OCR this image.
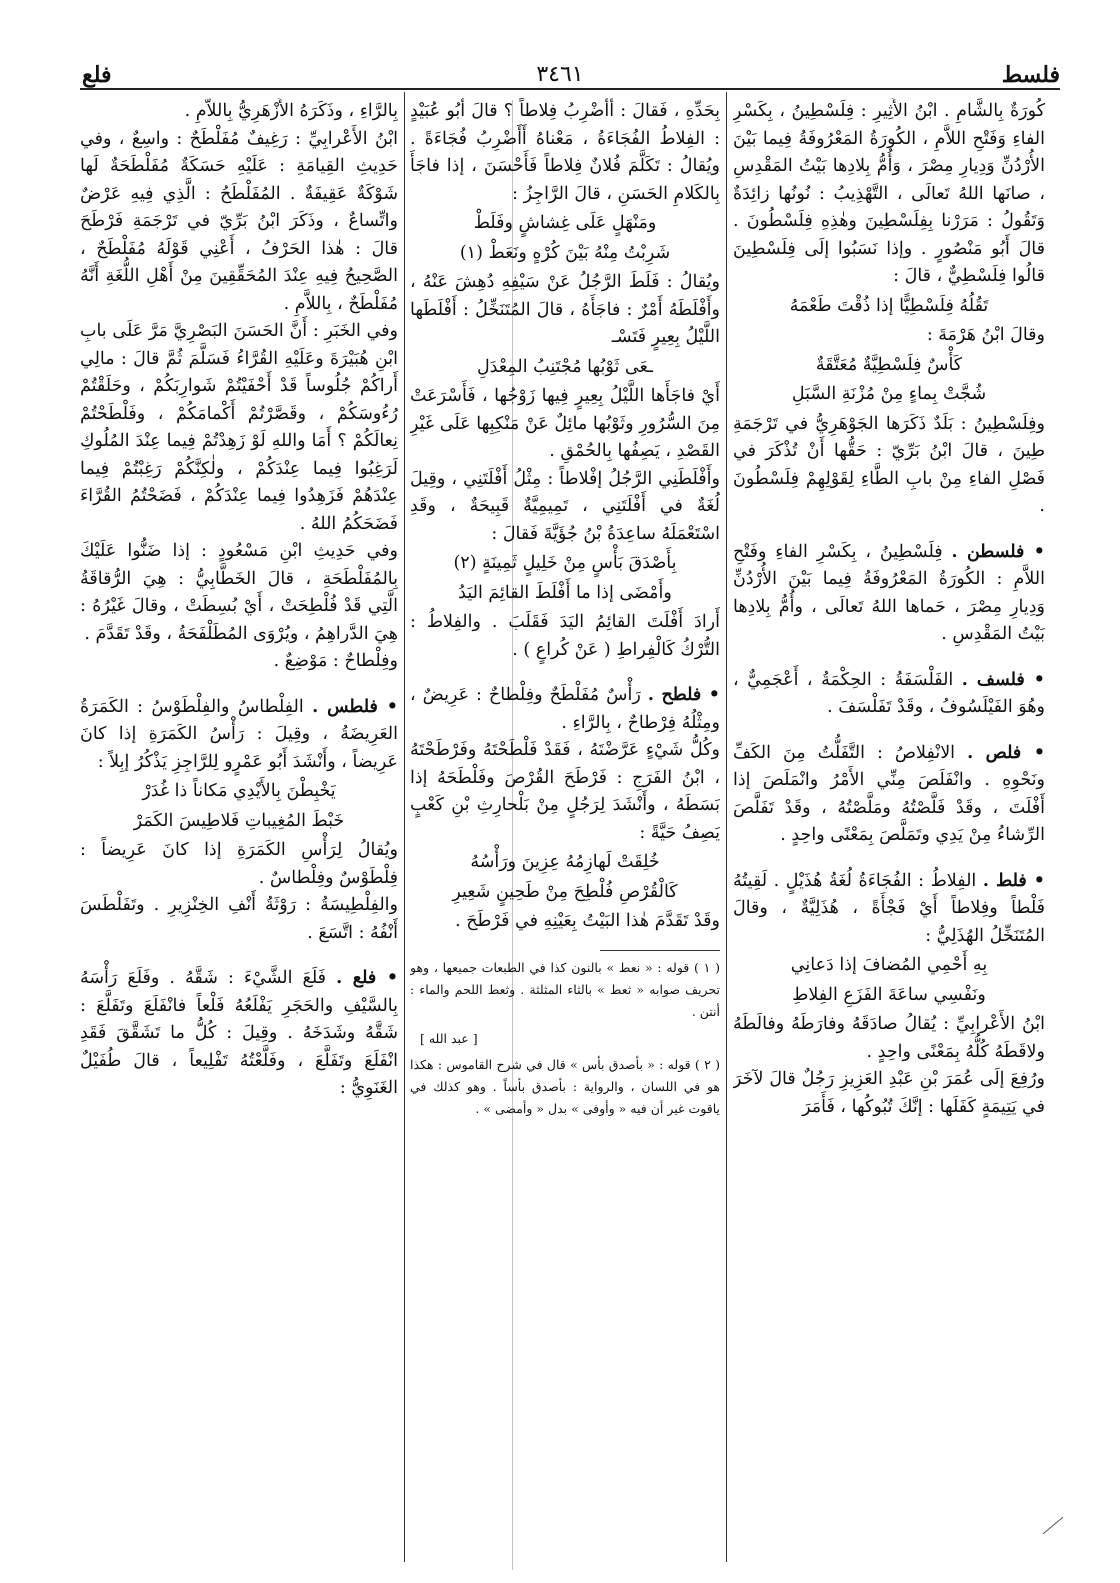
فلسط
٣٤٦١
فلع

كُورَةٌ بِالشَّامِ . ابْنُ الأَثِيرِ : فِلَسْطِينُ ، بِكَسْرِ الفاءِ وَفَتْحِ اللاَّمِ ، الكُورَةُ المَعْرُوفَةُ فِيما بَيْنَ الأُرْدُنِّ وَدِيارِ مِصْرَ ، وَأُمُّ بِلادِها بَيْتُ المَقْدِسِ ، صانَها اللهُ تَعالَى ، التَّهْذِيبُ : نُونُها زائِدَةٌ وَتَقُولُ : مَرَرْنا بِفِلَسْطِينَ وهٰذِهِ فِلَسْطُونَ . قالَ أَبُو مَنْصُورٍ . وإذا نَسَبُوا إلَى فِلَسْطِينَ قالُوا فِلَسْطِيٌّ ، قالَ :

تَقُلُهُ فِلَسْطِيًّا إذا ذُقْتَ طَعْمَهُ

وقالَ ابْنُ هَرْمَةَ :

كَأْسٌ فِلَسْطِيَّةٌ مُعَتَّقَةٌ

شُجَّتْ بِماءٍ مِنْ مُزْنَةِ السَّبَلِ

وفِلَسْطِينُ : بَلَدٌ ذَكَرَها الجَوْهَرِيُّ في تَرْجَمَةِ طِينَ ، قالَ ابْنُ بَرِّيّ : حَقُّها أَنْ تُذْكَرَ في فَصْلِ الفاءِ مِنْ بابِ الطَّاءِ لِقَوْلِهِمْ فِلَسْطُونَ .

• فلسطن . فِلَسْطِينُ ، بِكَسْرِ الفاءِ وفَتْحِ اللاَّمِ : الكُورَةُ المَعْرُوفَةُ فِيما بَيْنَ الأُرْدُنِّ وَدِيارِ مِصْرَ ، حَماها اللهُ تَعالَى ، وأُمُّ بِلادِها بَيْتُ المَقْدِسِ .

• فلسف . الفَلْسَفَةُ : الحِكْمَةُ ، أَعْجَمِيٌّ ، وهُوَ الفَيْلَسُوفُ ، وقَدْ تَفَلْسَفَ .

• فلص . الانْفِلاصُ : التَّفَلُّتُ مِنَ الكَفِّ ونَحْوِهِ . وانْفَلَصَ مِنِّي الأَمْرُ وانْمَلَصَ إذا أَفْلَتَ ، وقَدْ فَلَّصْتُهُ ومَلَّصْتُهُ ، وقَدْ تَفَلَّصَ الرِّشاءُ مِنْ يَدِي وتَمَلَّصَ بِمَعْنًى واحِدٍ .

• فلط . الفِلاطُ : الفُجَاءَةُ لُغَةُ هُذَيْلٍ . لَقِيتُهُ فَلْطاً وفِلاطاً أَيْ فَجْأَةً ، هُذَلِيَّةٌ ، وقالَ المُتَنَخِّلُ الهُذَلِيُّ :

بِهِ أَحْمِي المُضافَ إذا دَعانِي

ونَفْسِي ساعَةَ الفَزَعِ الفِلاطِ

ابْنُ الأَعْرابِيِّ : يُقالُ صادَقَهُ وفارَطَهُ وفالَطَهُ ولاقَطَهُ كُلُّهُ بِمَعْنًى واحِدٍ .

ورُفِعَ إلَى عُمَرَ بْنِ عَبْدِ العَزِيزِ رَجُلٌ قالَ لآخَرَ في يَتِيمَةٍ كَفَلَها : إنَّكَ تُبُوكُها ، فَأَمَرَ

بِحَدِّهِ ، فَقالَ : أَأَضْرِبُ فِلاطاً ؟ قالَ أَبُو عُبَيْدٍ : الفِلاطُ الفُجَاءَةُ ، مَعْناهُ أَأَضْرِبُ فُجَاءَةً . ويُقالُ : تَكَلَّمَ فُلانٌ فِلاطاً فَأَحْسَنَ ، إذا فاجَأَ بِالكَلامِ الحَسَنِ ، قالَ الرَّاجِزُ :

ومَنْهَلٍ عَلَى غِشاشٍ وفَلَطْ

شَرِبْتُ مِنْهُ بَيْنَ كُرْهٍ ونَعَطْ (١)

ويُقالُ : فَلَطَ الرَّجُلُ عَنْ سَيْفِهِ دُهِشَ عَنْهُ ، وأَفْلَطَهُ أَمْرٌ : فاجَأَهُ ، قالَ المُتَنَخِّلُ : أَفْلَطَها اللَّيْلُ بِعِيرٍ فَتَسْـ

ـعَى ثَوْبُها مُجْتَنِبُ المِعْدَلِ

أَيْ فاجَأَها اللَّيْلُ بِعِيرٍ فِيها زَوْجُها ، فَأَسْرَعَتْ مِنَ السُّرُورِ وثَوْبُها مائِلٌ عَنْ مَنْكِبِها عَلَى غَيْرِ القَصْدِ ، يَصِفُها بِالحُمْقِ .

وأَفْلَطَنِي الرَّجُلُ إفْلاطاً : مِثْلُ أَفْلَتَنِي ، وقِيلَ لُغَةٌ في أَفْلَتَنِي ، تَمِيمِيَّةٌ قَبِيحَةٌ ، وقَدِ اسْتَعْمَلَهُ ساعِدَةُ بْنُ جُؤَيَّةَ فَقالَ :

بِأَصْدَقَ بَأْسٍ مِنْ خَلِيلٍ ثَمِينَةٍ (٢)

وأَمْضَى إذا ما أَفْلَطَ القائِمَ اليَدُ

أَرادَ أَفْلَتَ القائِمُ اليَدَ فَقَلَبَ . والفِلاطُ : التُّرْكُ كَالْفِراطِ ( عَنْ كُراعٍ ) .

• فلطح . رَأْسٌ مُفَلْطَحٌ وفِلْطاحٌ : عَرِيضٌ ، ومِثْلُهُ فِرْطاحٌ ، بِالرَّاءِ .

وكُلُّ شَيْءٍ عَرَّضْتَهُ ، فَقَدْ فَلْطَحْتَهُ وفَرْطَحْتَهُ ، ابْنُ الفَرَجِ : فَرْطَحَ القُرْصَ وفَلْطَحَهُ إذا بَسَطَهُ ، وأَنْشَدَ لِرَجُلٍ مِنْ بَلْحارِثِ بْنِ كَعْبٍ يَصِفُ حَيَّةً :

خُلِقَتْ لَهازِمُهُ عِزِينَ ورَأْسُهُ

كَالْقُرْصِ فُلْطِحَ مِنْ طَحِينٍ شَعِيرِ

وقَدْ تَقَدَّمَ هٰذا البَيْتُ بِعَيْنِهِ في فَرْطَحَ .

( ١ ) قوله : « نعط » بالنون كذا في الطبعات جميعها ، وهو تحريف صوابه « ثعط » بالثاء المثلثة . وثعط اللحم والماء : أنتن .

[ عبد الله ]

( ٢ ) قوله : « بأصدق بأس » قال في شرح القاموس : هكذا هو في اللسان ، والرواية : بأصدق بأساً . وهو كذلك في ياقوت غير أن فيه « وأوفى » بدل « وأمضى » .

بِالرَّاءِ ، وذَكَرَهُ الأَزْهَرِيُّ بِاللاَّمِ .

ابْنُ الأَعْرابِيِّ : رَغِيفٌ مُفَلْطَحٌ : واسِعٌ ، وفي حَدِيثِ القِيامَةِ : عَلَيْهِ حَسَكَةٌ مُفَلْطَحَةٌ لَها شَوْكَةٌ عَقِيفَةٌ . المُفَلْطَحُ : الَّذِي فِيهِ عَرْضٌ واتِّساعٌ ، وذَكَرَ ابْنُ بَرِّيّ في تَرْجَمَةِ فَرْطَحَ قالَ : هٰذا الحَرْفُ ، أَعْنِي قَوْلَهُ مُفَلْطَحٌ ، الصَّحِيحُ فِيهِ عِنْدَ المُحَقِّقِينَ مِنْ أَهْلِ اللُّغَةِ أَنَّهُ مُفَلْطَحٌ ، بِاللاَّمِ .

وفي الخَبَرِ : أَنَّ الحَسَنَ البَصْرِيَّ مَرَّ عَلَى بابِ ابْنِ هُبَيْرَةَ وعَلَيْهِ القُرَّاءُ فَسَلَّمَ ثُمَّ قالَ : مالِي أَراكُمْ جُلُوساً قَدْ أَحْفَيْتُمْ شَوارِبَكُمْ ، وحَلَقْتُمْ رُءُوسَكُمْ ، وقَصَّرْتُمْ أَكْمامَكُمْ ، وفَلْطَحْتُمْ نِعالَكُمْ ؟ أَمَا واللهِ لَوْ زَهِدْتُمْ فِيما عِنْدَ المُلُوكِ لَرَغِبُوا فِيما عِنْدَكُمْ ، ولٰكِنَّكُمْ رَغِبْتُمْ فِيما عِنْدَهُمْ فَزَهِدُوا فِيما عِنْدَكُمْ ، فَضَحْتُمُ القُرَّاءَ فَضَحَكُمُ اللهُ .

وفي حَدِيثِ ابْنِ مَسْعُودٍ : إذا ضَنُّوا عَلَيْكَ بِالمُفَلْطَحَةِ ، قالَ الخَطَّابِيُّ : هِيَ الرُّقاقَةُ الَّتِي قَدْ فُلْطِحَتْ ، أَيْ بُسِطَتْ ، وقالَ غَيْرُهُ : هِيَ الدَّراهِمُ ، ويُرْوَى المُطَلْفَحَةُ ، وقَدْ تَقَدَّمَ .

وفِلْطاحٌ : مَوْضِعٌ .

• فلطس . الفِلْطاسُ والفِلْطَوْسُ : الكَمَرَةُ العَرِيضَةُ ، وقِيلَ : رَأْسُ الكَمَرَةِ إذا كانَ عَرِيضاً ، وأَنْشَدَ أَبُو عَمْرٍو لِلرَّاجِزِ يَذْكُرُ إبِلاً :

يَخْبِطْنَ بِالأَيْدِي مَكاناً ذا غُدَرْ

خَبْطَ المُغِيباتِ فَلاطِيسَ الكَمَرْ

ويُقالُ لِرَأْسِ الكَمَرَةِ إذا كانَ عَرِيضاً : فِلْطَوْسٌ وفِلْطاسٌ .

والفِلْطِيسَةُ : رَوْثَةُ أَنْفِ الخِنْزِيرِ . وتَفَلْطَسَ أَنْفُهُ : اتَّسَعَ .

• فلع . فَلَعَ الشَّيْءَ : شَقَّهُ . وفَلَعَ رَأْسَهُ بِالسَّيْفِ والحَجَرِ يَفْلَعُهُ فَلْعاً فانْفَلَعَ وتَفَلَّعَ : شَقَّهُ وشَدَخَهُ . وقِيلَ : كُلُّ ما تَشَقَّقَ فَقَدِ انْفَلَعَ وتَفَلَّعَ ، وفَلَّعْتُهُ تَفْلِيعاً ، قالَ طُفَيْلٌ الغَنَوِيُّ :
